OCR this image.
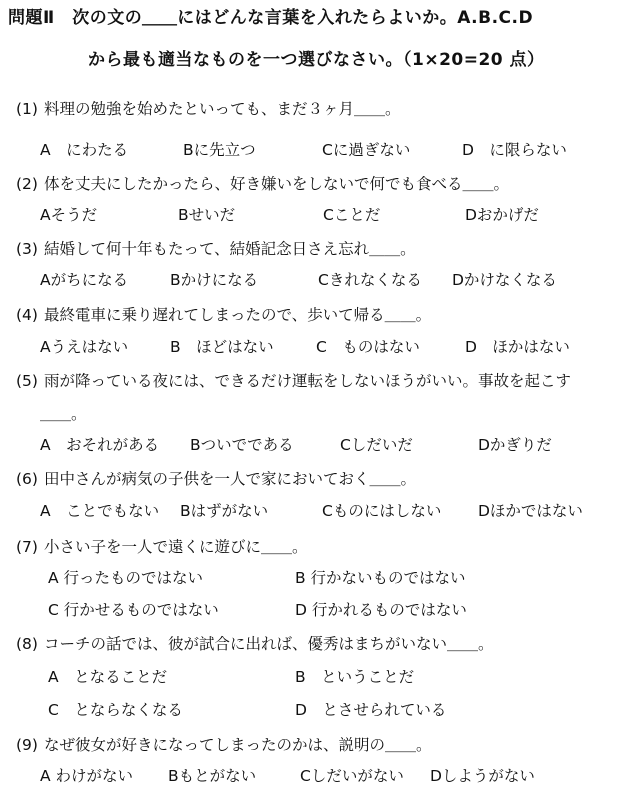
問題Ⅱ　次の文の＿＿にはどんな言葉を入れたらよいか。A.B.C.D
から最も適当なものを一つ選びなさい。（1×20=20 点）
(1) 料理の勉強を始めたといっても、まだ３ヶ月＿＿。
A　にわたる	Bに先立つ	Cに過ぎない	D　に限らない
(2) 体を丈夫にしたかったら、好き嫌いをしないで何でも食べる＿＿。
Aそうだ	Bせいだ	Cことだ	Dおかげだ
(3) 結婚して何十年もたって、結婚記念日さえ忘れ＿＿。
Aがちになる	Bかけになる	Cきれなくなる Dかけなくなる
(4) 最終電車に乗り遅れてしまったので、歩いて帰る＿＿。
Aうえはない	B　ほどはない	C　ものはない	D　ほかはない
(5) 雨が降っている夜には、できるだけ運転をしないほうがいい。事故を起こす
＿＿。
A　おそれがある Bついでである	Cしだいだ	Dかぎりだ
(6) 田中さんが病気の子供を一人で家においておく＿＿。
A　ことでもない Bはずがない	Cものにはしない Dほかではない
(7) 小さい子を一人で遠くに遊びに＿＿。
A 行ったものではない	B 行かないものではない
C 行かせるものではない	D 行かれるものではない
(8) コーチの話では、彼が試合に出れば、優秀はまちがいない＿＿。
A　となることだ	B　ということだ
C　とならなくなる	D　とさせられている
(9) なぜ彼女が好きになってしまったのかは、説明の＿＿。
A わけがない Bもとがない	Cしだいがない Dしようがない
